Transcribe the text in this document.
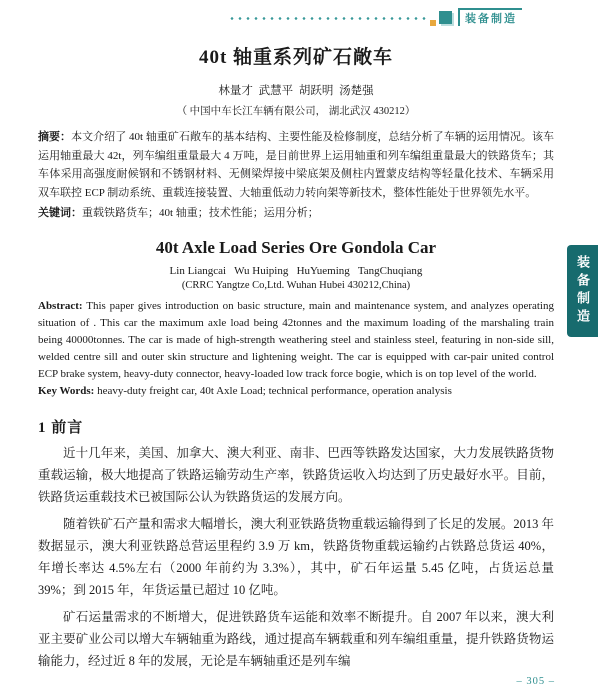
装备制造
40t 轴重系列矿石敞车

林量才  武慧平  胡跃明  汤楚强

（ 中国中车长江车辆有限公司， 湖北武汉 430212）

摘要：本文介绍了 40t 轴重矿石敞车的基本结构、主要性能及检修制度，总结分析了车辆的运用情况。该车运用轴重最大 42t，列车编组重量最大 4 万吨，是目前世界上运用轴重和列车编组重量最大的铁路货车；其车体采用高强度耐候钢和不锈钢材料、无侧梁焊接中梁底架及侧柱内置蒙皮结构等轻量化技术、车辆采用双车联控 ECP 制动系统、重载连接装置、大轴重低动力转向架等新技术，整体性能处于世界领先水平。

关键词：重载铁路货车；40t 轴重；技术性能；运用分析；

40t Axle Load Series Ore Gondola Car

Lin Liangcai   Wu Huiping   HuYueming   TangChuqiang

(CRRC Yangtze Co,Ltd. Wuhan Hubei 430212,China)

Abstract: This paper gives introduction on basic structure, main and maintenance system, and analyzes operating situation of . This car the maximum axle load being 42tonnes and the maximum loading of the marshaling train being 40000tonnes. The car is made of high-strength weathering steel and stainless steel, featuring in non-side sill, welded centre sill and outer skin structure and lightening weight. The car is equipped with car-pair united control ECP brake system, heavy-duty connector, heavy-loaded low track force bogie, which is on top level of the world.

Key Words: heavy-duty freight car, 40t Axle Load; technical performance, operation analysis

1 前言

近十几年来，美国、加拿大、澳大利亚、南非、巴西等铁路发达国家，大力发展铁路货物重载运输，极大地提高了铁路运输劳动生产率，铁路货运收入均达到了历史最好水平。目前，铁路货运重载技术已被国际公认为铁路货运的发展方向。

随着铁矿石产量和需求大幅增长，澳大利亚铁路货物重载运输得到了长足的发展。2013 年数据显示，澳大利亚铁路总营运里程约 3.9 万 km，铁路货物重载运输约占铁路总货运 40%，年增长率达 4.5%左右（2000 年前约为 3.3%），其中，矿石年运量 5.45 亿吨，占货运总量 39%；到 2015 年，年货运量已超过 10 亿吨。

矿石运量需求的不断增大，促进铁路货车运能和效率不断提升。自 2007 年以来，澳大利亚主要矿业公司以增大车辆轴重为路线，通过提高车辆载重和列车编组重量，提升铁路货物运输能力，经过近 8 年的发展，无论是车辆轴重还是列车编

装备制造
– 305 –
